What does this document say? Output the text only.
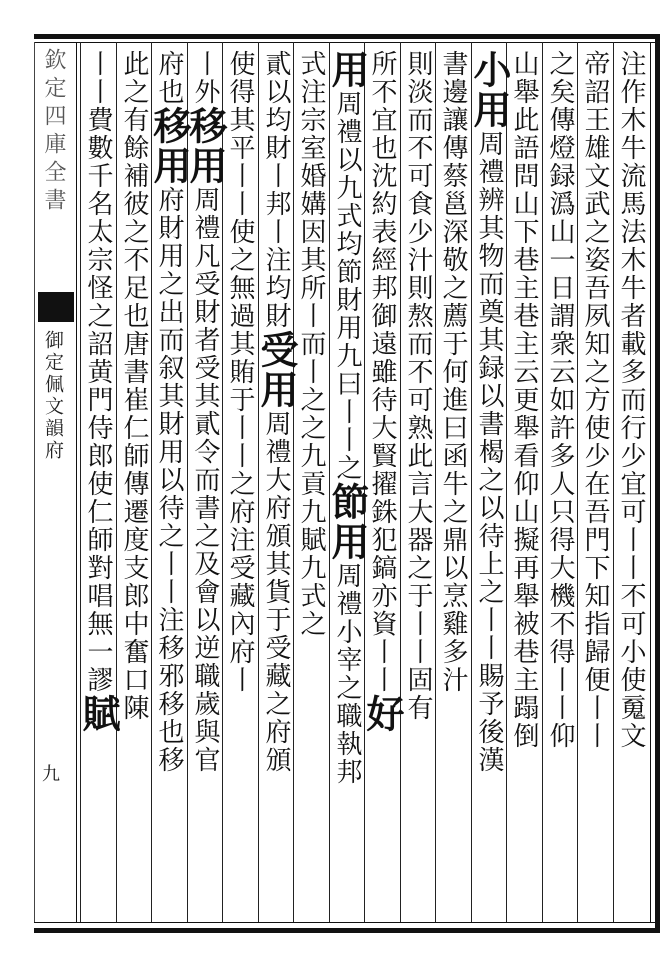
欽定四庫全書
御定佩文韻府
九
注作木牛流馬法木牛者載多而行少宜可丨丨不可小使䰟文
帝詔王雄文武之姿吾夙知之方使少在吾門下知指歸便丨丨
之矣傳燈録潙山一日謂衆云如許多人只得大機不得丨丨仰
山舉此語問山下巷主巷主云更舉看仰山擬再舉被巷主蹋倒
小用周禮辨其物而奠其録以書楬之以待上之丨丨賜予後漢
書邊讓傳蔡邕深敬之薦于何進曰函牛之鼎以烹雞多汁
則淡而不可食少汁則熬而不可熟此言大器之于丨丨固有
所不宜也沈約表經邦御遠雖待大賢擢銖犯鎬亦資丨丨好
用周禮以九式均節財用九曰丨丨之節用周禮小宰之職執邦
式注宗室婚媾因其所丨而丨之之九貢九賦九式之
貳以均財丨邦丨注均財受用周禮大府頒其貨于受藏之府頒
使得其平丨丨使之無過其賄于丨丨之府注受藏內府丨
丨外移用周禮凡受財者受其貳令而書之及會以逆職歲與官
府也移用府財用之出而叙其財用以待之丨丨注移邪移也移
此之有餘補彼之不足也唐書崔仁師傳遷度支郎中奮口陳
丨丨費數千名太宗怪之詔黄門侍郎使仁師對唱無一謬賦
